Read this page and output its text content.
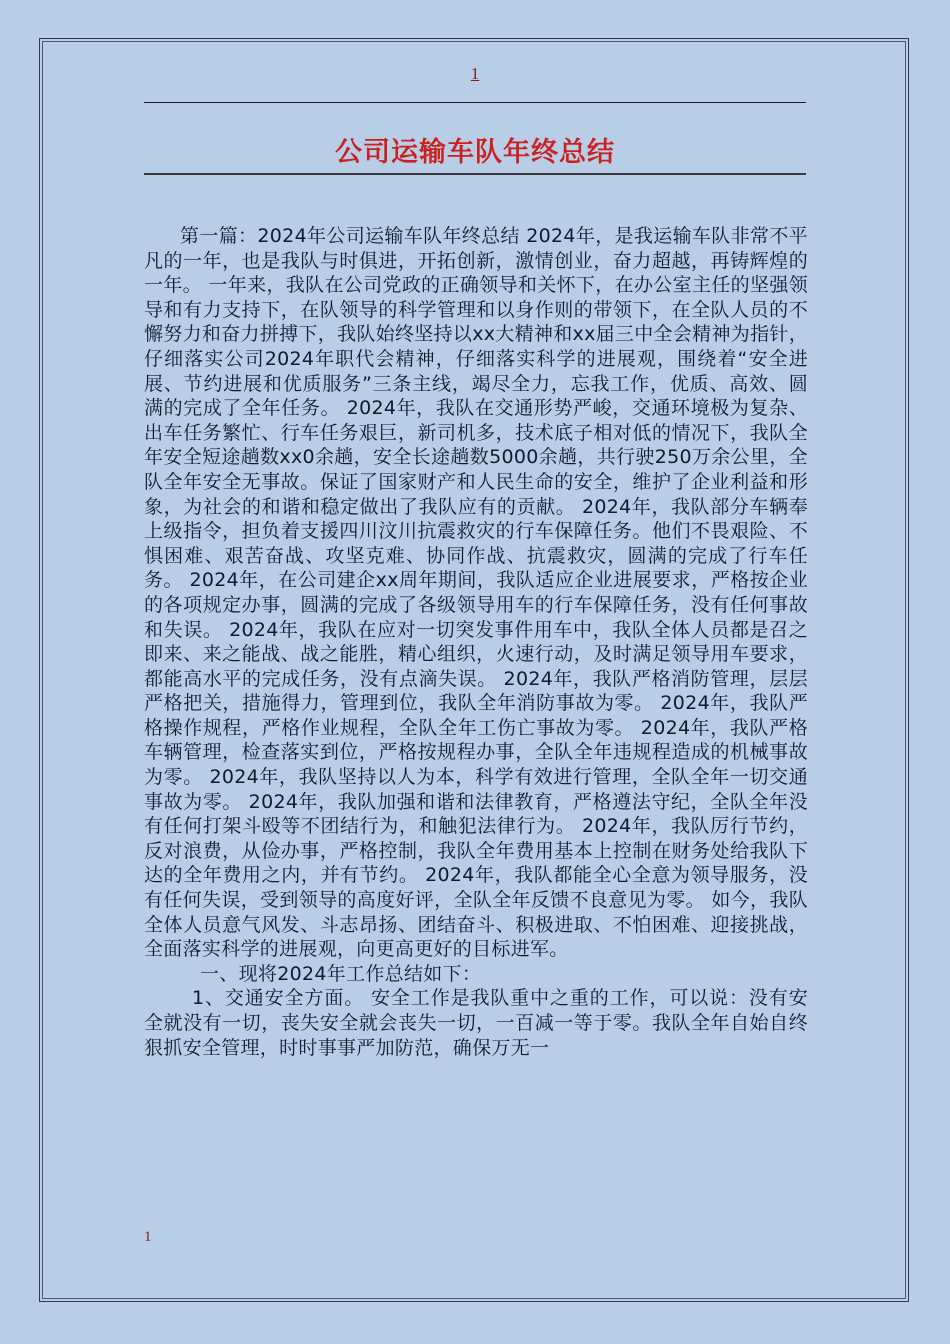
1
公司运输车队年终总结

第一篇：2024年公司运输车队年终总结 2024年，是我运输车队非常不平凡的一年，也是我队与时俱进，开拓创新，激情创业，奋力超越，再铸辉煌的一年。 一年来，我队在公司党政的正确领导和关怀下，在办公室主任的坚强领导和有力支持下，在队领导的科学管理和以身作则的带领下，在全队人员的不懈努力和奋力拼搏下，我队始终坚持以xx大精神和xx届三中全会精神为指针，仔细落实公司2024年职代会精神，仔细落实科学的进展观，围绕着“安全进展、节约进展和优质服务”三条主线，竭尽全力，忘我工作，优质、高效、圆满的完成了全年任务。 2024年，我队在交通形势严峻，交通环境极为复杂、出车任务繁忙、行车任务艰巨，新司机多，技术底子相对低的情况下，我队全年安全短途趟数xx0余趟，安全长途趟数5000余趟，共行驶250万余公里，全队全年安全无事故。保证了国家财产和人民生命的安全，维护了企业利益和形象，为社会的和谐和稳定做出了我队应有的贡献。 2024年，我队部分车辆奉上级指令，担负着支援四川汶川抗震救灾的行车保障任务。他们不畏艰险、不惧困难、艰苦奋战、攻坚克难、协同作战、抗震救灾，圆满的完成了行车任务。 2024年，在公司建企xx周年期间，我队适应企业进展要求，严格按企业的各项规定办事，圆满的完成了各级领导用车的行车保障任务，没有任何事故和失误。 2024年，我队在应对一切突发事件用车中，我队全体人员都是召之即来、来之能战、战之能胜，精心组织，火速行动，及时满足领导用车要求，都能高水平的完成任务，没有点滴失误。 2024年，我队严格消防管理，层层严格把关，措施得力，管理到位，我队全年消防事故为零。 2024年，我队严格操作规程，严格作业规程，全队全年工伤亡事故为零。 2024年，我队严格车辆管理，检查落实到位，严格按规程办事，全队全年违规程造成的机械事故为零。 2024年，我队坚持以人为本，科学有效进行管理，全队全年一切交通事故为零。 2024年，我队加强和谐和法律教育，严格遵法守纪，全队全年没有任何打架斗殴等不团结行为，和触犯法律行为。 2024年，我队厉行节约，反对浪费，从俭办事，严格控制，我队全年费用基本上控制在财务处给我队下达的全年费用之内，并有节约。 2024年，我队都能全心全意为领导服务，没有任何失误，受到领导的高度好评，全队全年反馈不良意见为零。 如今，我队全体人员意气风发、斗志昂扬、团结奋斗、积极进取、不怕困难、迎接挑战，全面落实科学的进展观，向更高更好的目标进军。

一、现将2024年工作总结如下：

1、交通安全方面。 安全工作是我队重中之重的工作，可以说：没有安全就没有一切，丧失安全就会丧失一切，一百减一等于零。我队全年自始自终狠抓安全管理，时时事事严加防范，确保万无一

1
